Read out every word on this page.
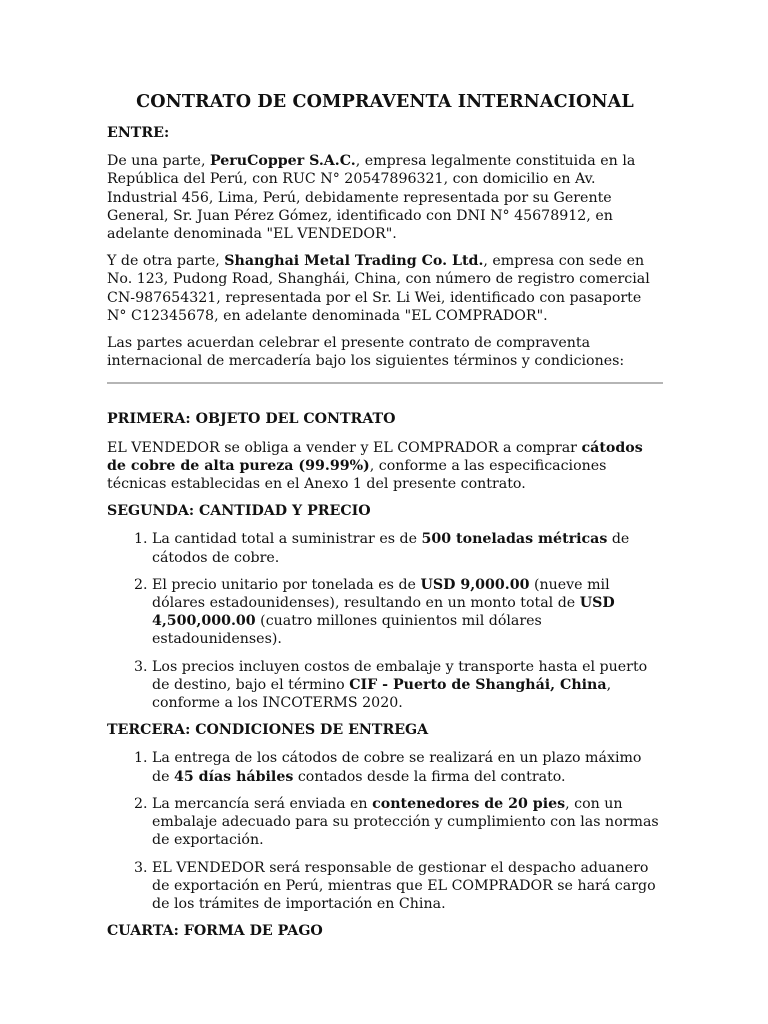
CONTRATO DE COMPRAVENTA INTERNACIONAL
ENTRE:

De una parte, PeruCopper S.A.C., empresa legalmente constituida en la República del Perú, con RUC N° 20547896321, con domicilio en Av. Industrial 456, Lima, Perú, debidamente representada por su Gerente General, Sr. Juan Pérez Gómez, identificado con DNI N° 45678912, en adelante denominada "EL VENDEDOR".

Y de otra parte, Shanghai Metal Trading Co. Ltd., empresa con sede en No. 123, Pudong Road, Shanghái, China, con número de registro comercial CN-987654321, representada por el Sr. Li Wei, identificado con pasaporte N° C12345678, en adelante denominada "EL COMPRADOR".

Las partes acuerdan celebrar el presente contrato de compraventa internacional de mercadería bajo los siguientes términos y condiciones:

PRIMERA: OBJETO DEL CONTRATO

EL VENDEDOR se obliga a vender y EL COMPRADOR a comprar cátodos de cobre de alta pureza (99.99%), conforme a las especificaciones técnicas establecidas en el Anexo 1 del presente contrato.

SEGUNDA: CANTIDAD Y PRECIO
1. La cantidad total a suministrar es de 500 toneladas métricas de cátodos de cobre.
2. El precio unitario por tonelada es de USD 9,000.00 (nueve mil dólares estadounidenses), resultando en un monto total de USD 4,500,000.00 (cuatro millones quinientos mil dólares estadounidenses).
3. Los precios incluyen costos de embalaje y transporte hasta el puerto de destino, bajo el término CIF - Puerto de Shanghái, China, conforme a los INCOTERMS 2020.
TERCERA: CONDICIONES DE ENTREGA
1. La entrega de los cátodos de cobre se realizará en un plazo máximo de 45 días hábiles contados desde la firma del contrato.
2. La mercancía será enviada en contenedores de 20 pies, con un embalaje adecuado para su protección y cumplimiento con las normas de exportación.
3. EL VENDEDOR será responsable de gestionar el despacho aduanero de exportación en Perú, mientras que EL COMPRADOR se hará cargo de los trámites de importación en China.
CUARTA: FORMA DE PAGO
